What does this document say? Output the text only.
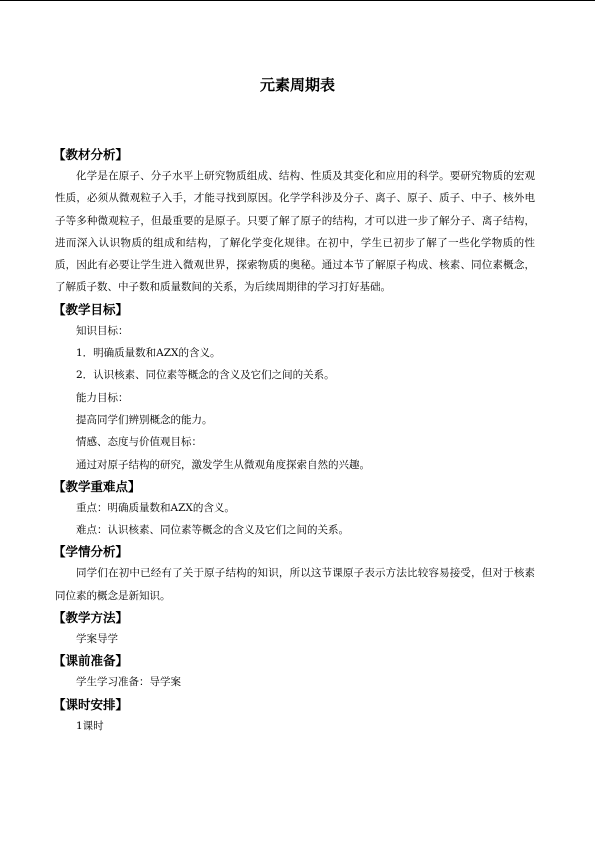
元素周期表
【教材分析】
化学是在原子、分子水平上研究物质组成、结构、性质及其变化和应用的科学。要研究物质的宏观性质，必须从微观粒子入手，才能寻找到原因。化学学科涉及分子、离子、原子、质子、中子、核外电子等多种微观粒子，但最重要的是原子。只要了解了原子的结构，才可以进一步了解分子、离子结构，进而深入认识物质的组成和结构，了解化学变化规律。在初中，学生已初步了解了一些化学物质的性质，因此有必要让学生进入微观世界，探索物质的奥秘。通过本节了解原子构成、核素、同位素概念，了解质子数、中子数和质量数间的关系，为后续周期律的学习打好基础。
【教学目标】
知识目标：
1．明确质量数和AZX的含义。
2．认识核素、同位素等概念的含义及它们之间的关系。
能力目标：
提高同学们辨别概念的能力。
情感、态度与价值观目标：
通过对原子结构的研究，激发学生从微观角度探索自然的兴趣。
【教学重难点】
重点：明确质量数和AZX的含义。
难点：认识核素、同位素等概念的含义及它们之间的关系。
【学情分析】
同学们在初中已经有了关于原子结构的知识，所以这节课原子表示方法比较容易接受，但对于核素同位素的概念是新知识。
【教学方法】
学案导学
【课前准备】
学生学习准备：导学案
【课时安排】
1课时
